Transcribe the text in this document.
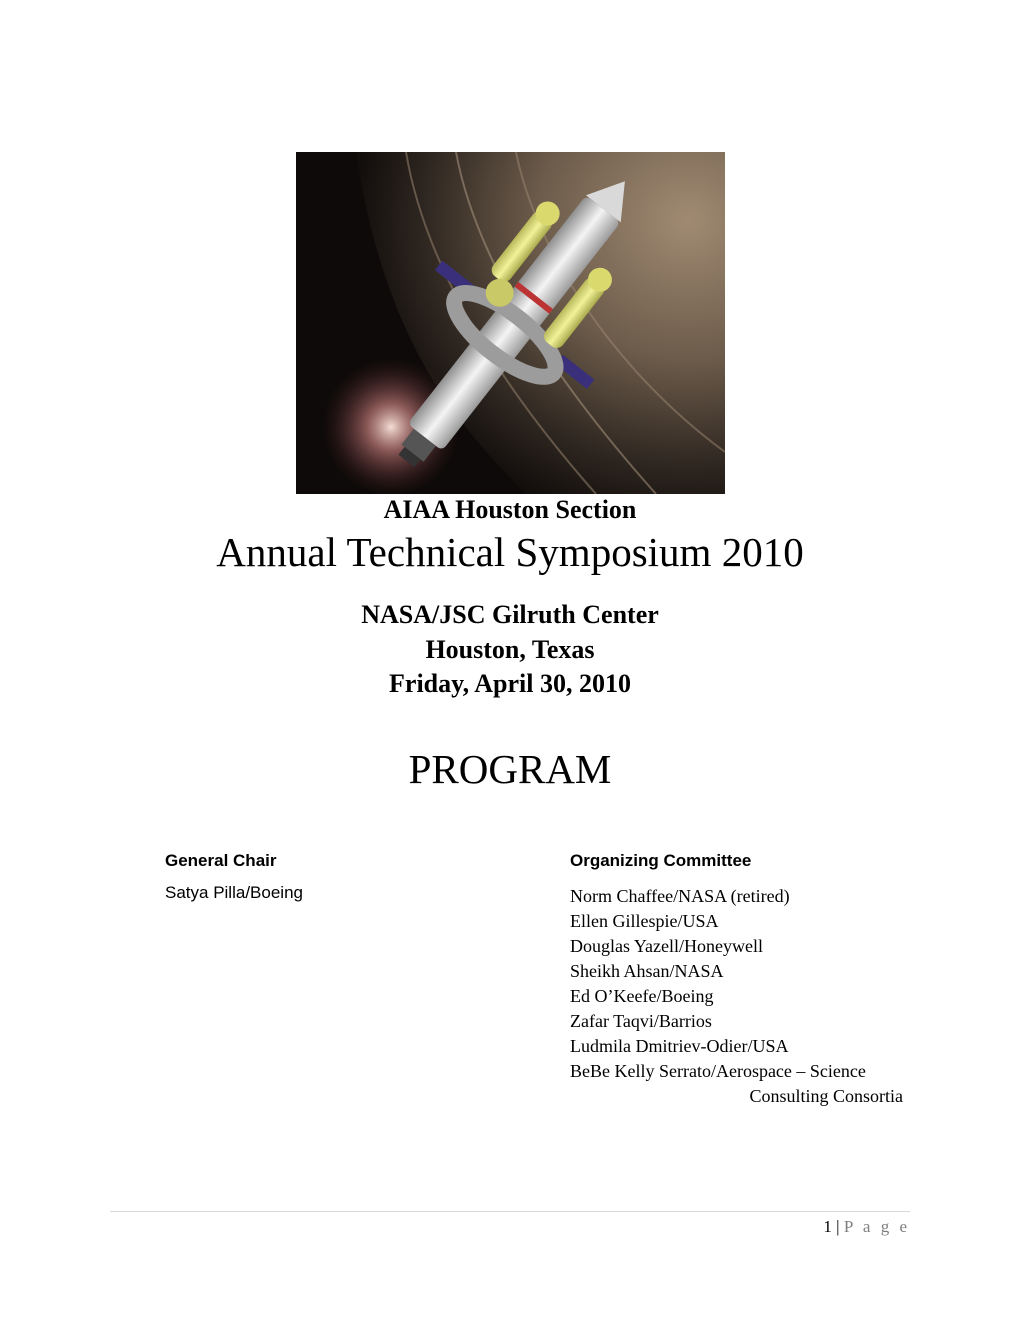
AIAA Houston Section
Annual Technical Symposium 2010
NASA/JSC Gilruth Center
Houston, Texas
Friday, April 30, 2010
PROGRAM
General Chair
Satya Pilla/Boeing
Organizing Committee
Norm Chaffee/NASA (retired)
Ellen Gillespie/USA
Douglas Yazell/Honeywell
Sheikh Ahsan/NASA
Ed O’Keefe/Boeing
Zafar Taqvi/Barrios
Ludmila Dmitriev-Odier/USA
BeBe Kelly Serrato/Aerospace – Science
Consulting Consortia
1 | P a g e
